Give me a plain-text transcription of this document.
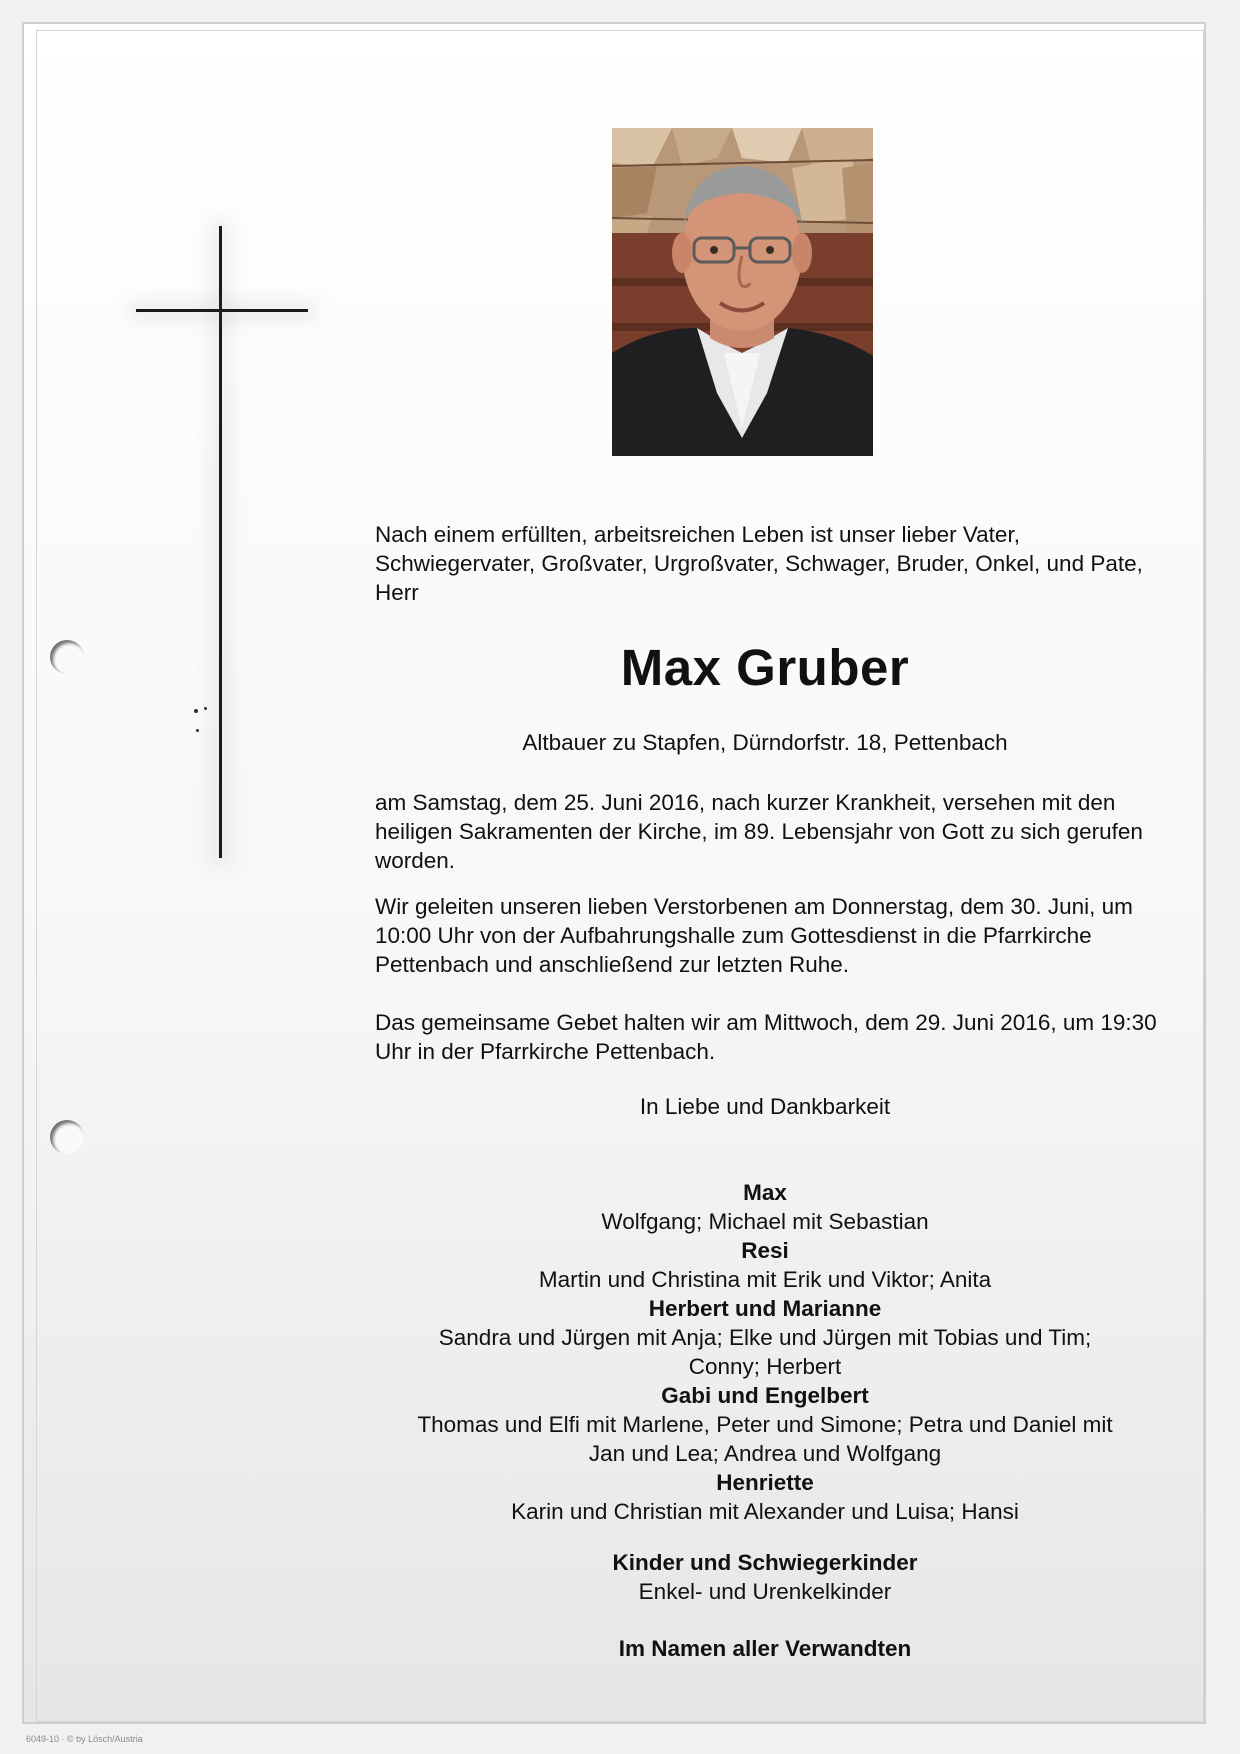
Nach einem erfüllten, arbeitsreichen Leben ist unser lieber Vater, Schwiegervater, Großvater, Urgroßvater, Schwager, Bruder, Onkel, und Pate, Herr
Max Gruber
Altbauer zu Stapfen, Dürndorfstr. 18, Pettenbach
am Samstag, dem 25. Juni 2016, nach kurzer Krankheit, versehen mit den heiligen Sakramenten der Kirche, im 89. Lebensjahr von Gott zu sich gerufen worden.
Wir geleiten unseren lieben Verstorbenen am Donnerstag, dem 30. Juni, um 10:00 Uhr von der Aufbahrungshalle zum Gottesdienst in die Pfarrkirche Pettenbach und anschließend zur letzten Ruhe.
Das gemeinsame Gebet halten wir am Mittwoch, dem 29. Juni 2016, um 19:30 Uhr in der Pfarrkirche Pettenbach.
In Liebe und Dankbarkeit
Max
Wolfgang; Michael mit Sebastian
Resi
Martin und Christina mit Erik und Viktor; Anita
Herbert und Marianne
Sandra und Jürgen mit Anja; Elke und Jürgen mit Tobias und Tim;
Conny; Herbert
Gabi und Engelbert
Thomas und Elfi mit Marlene, Peter und Simone; Petra und Daniel mit
Jan und Lea; Andrea und Wolfgang
Henriette
Karin und Christian mit Alexander und Luisa; Hansi
Kinder und Schwiegerkinder
Enkel- und Urenkelkinder
Im Namen aller Verwandten
6049-10 · © by Lösch/Austria
